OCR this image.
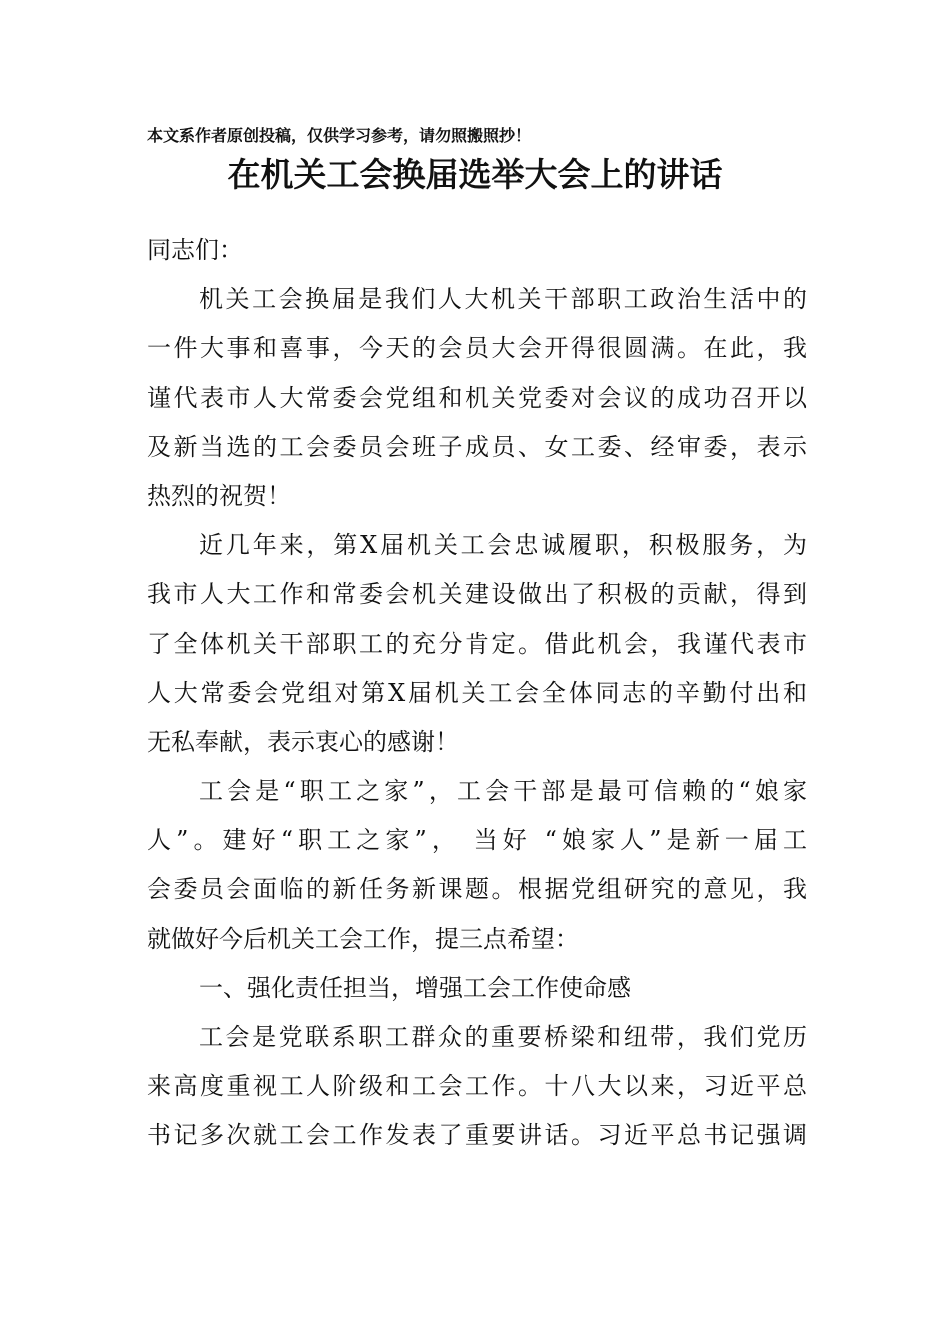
本文系作者原创投稿，仅供学习参考，请勿照搬照抄！
在机关工会换届选举大会上的讲话
同志们：
机关工会换届是我们人大机关干部职工政治生活中的
一件大事和喜事，今天的会员大会开得很圆满。在此，我
谨代表市人大常委会党组和机关党委对会议的成功召开以
及新当选的工会委员会班子成员、女工委、经审委，表示
热烈的祝贺！
近几年来，第X届机关工会忠诚履职，积极服务，为
我市人大工作和常委会机关建设做出了积极的贡献，得到
了全体机关干部职工的充分肯定。借此机会，我谨代表市
人大常委会党组对第X届机关工会全体同志的辛勤付出和
无私奉献，表示衷心的感谢！
工会是“职工之家”，工会干部是最可信赖的“娘家
人”。建好“职工之家”， 当好 “娘家人”是新一届工
会委员会面临的新任务新课题。根据党组研究的意见，我
就做好今后机关工会工作，提三点希望：
一、强化责任担当，增强工会工作使命感
工会是党联系职工群众的重要桥梁和纽带，我们党历
来高度重视工人阶级和工会工作。十八大以来，习近平总
书记多次就工会工作发表了重要讲话。习近平总书记强调
